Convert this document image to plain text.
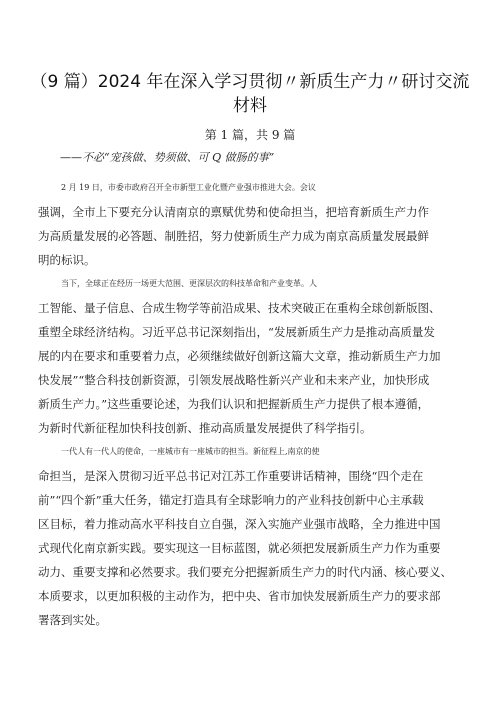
（9 篇）2024 年在深入学习贯彻〃新质生产力〃研讨交流
材料
第 1 篇，共 9 篇
——不必“宠孩做、势须做、可 Q 做肠的事”
2 月 19 日，市委市政府召开全市新型工业化暨产业强市推进大会。会议
强调，全市上下要充分认清南京的禀赋优势和使命担当，把培育新质生产力作
为高质量发展的必答题、制胜招，努力使新质生产力成为南京高质量发展最鲜
明的标识。
当下，全球正在经历一场更大范围、更深层次的科技革命和产业变革。人
工智能、量子信息、合成生物学等前沿成果、技术突破正在重构全球创新版图、
重塑全球经济结构。习近平总书记深刻指出，“发展新质生产力是推动高质量发
展的内在要求和重要着力点，必须继续做好创新这篇大文章，推动新质生产力加
快发展”“整合科技创新资源，引领发展战略性新兴产业和未来产业，加快形成
新质生产力。”这些重要论述，为我们认识和把握新质生产力提供了根本遵循，
为新时代新征程加快科技创新、推动高质量发展提供了科学指引。
一代人有一代人的使命，一座城市有一座城市的担当。新征程上,南京的使
命担当，是深入贯彻习近平总书记对江苏工作重要讲话精神，围绕“四个走在
前”“四个新”重大任务，锚定打造具有全球影响力的产业科技创新中心主承载
区目标，着力推动高水平科技自立自强，深入实施产业强市战略，全力推进中国
式现代化南京新实践。要实现这一目标蓝图，就必须把发展新质生产力作为重要
动力、重要支撑和必然要求。我们要充分把握新质生产力的时代内涵、核心要义、
本质要求，以更加积极的主动作为，把中央、省市加快发展新质生产力的要求部
署落到实处。
